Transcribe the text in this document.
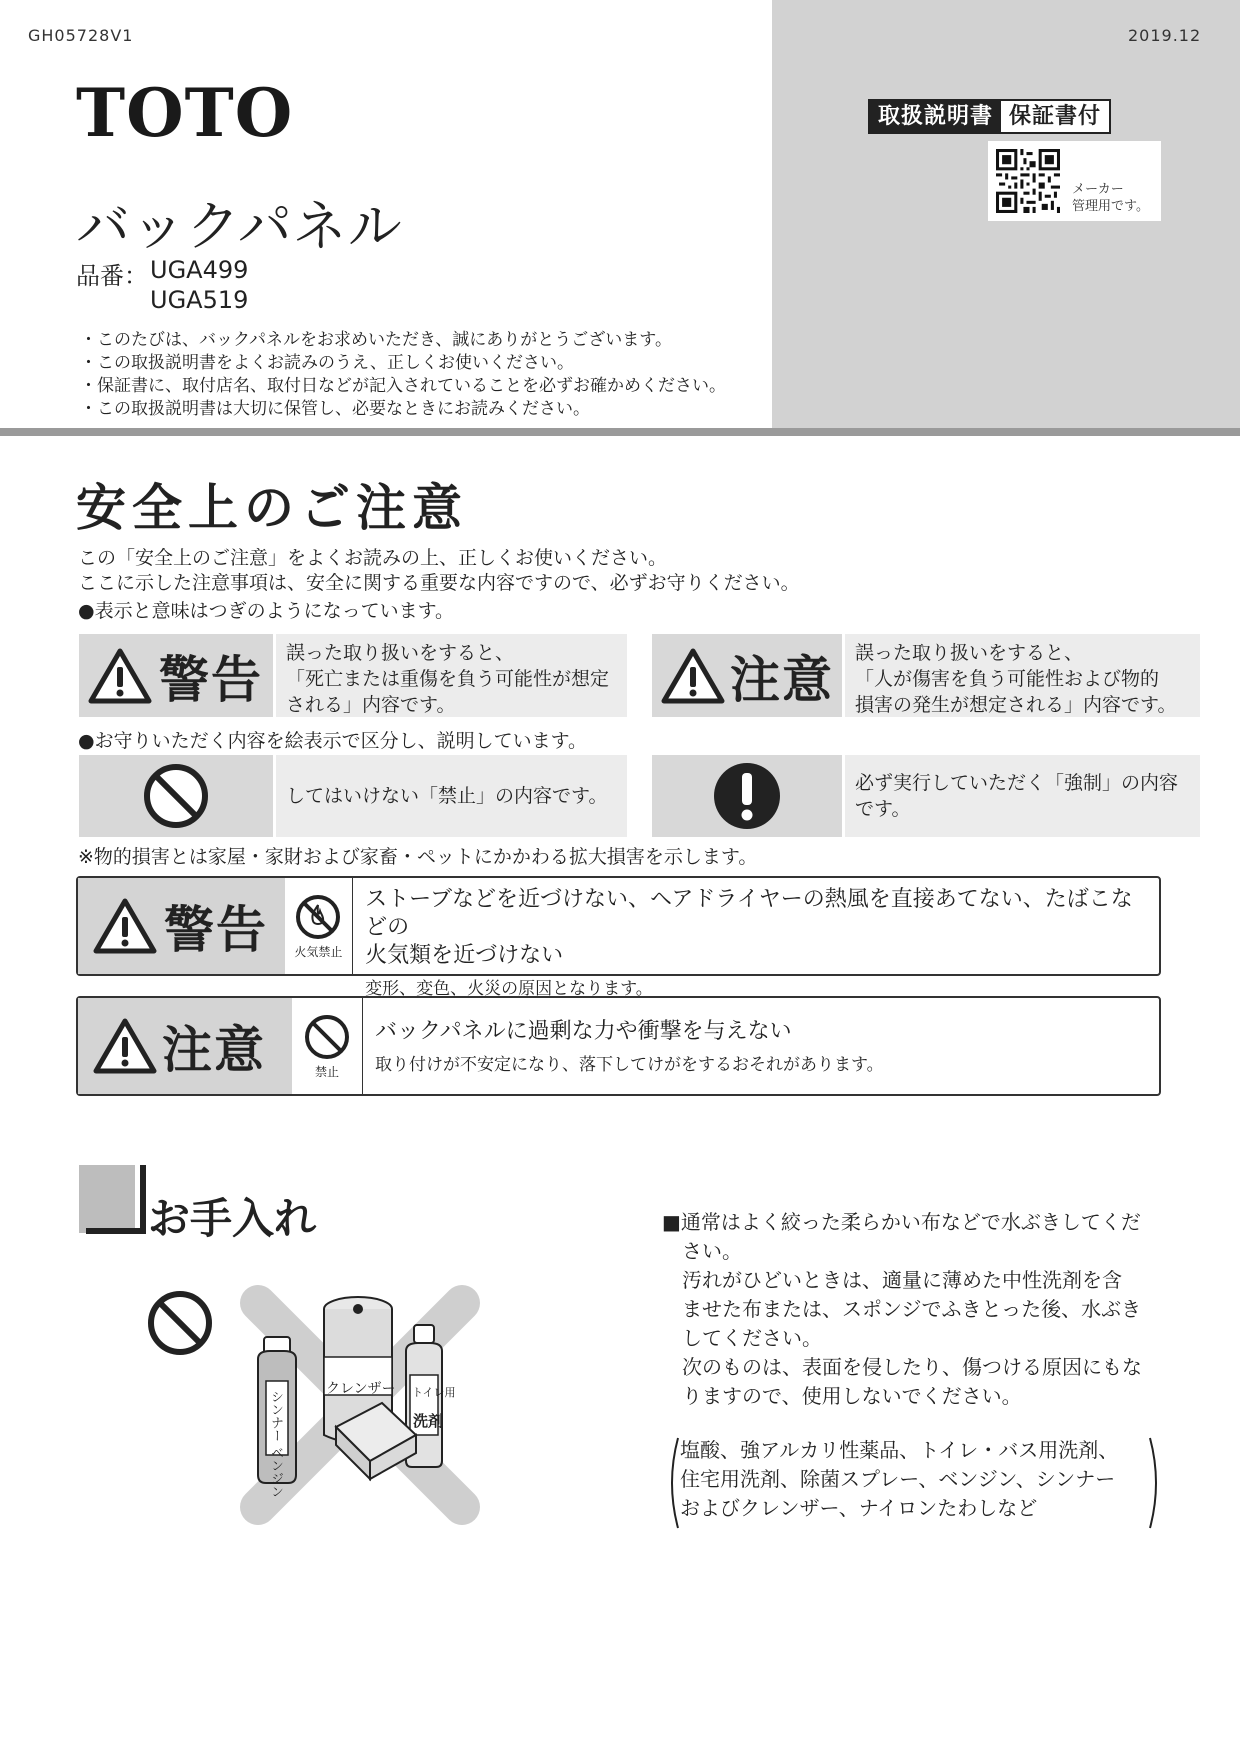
GH05728V1	2019.12
TOTO
バックパネル
品番： UGA499
UGA519
・このたびは、バックパネルをお求めいただき、誠にありがとうございます。
・この取扱説明書をよくお読みのうえ、正しくお使いください。
・保証書に、取付店名、取付日などが記入されていることを必ずお確かめください。
・この取扱説明書は大切に保管し、必要なときにお読みください。
取扱説明書 保証書付
メーカー
管理用です。
安全上のご注意
この「安全上のご注意」をよくお読みの上、正しくお使いください。
ここに示した注意事項は、安全に関する重要な内容ですので、必ずお守りください。
●表示と意味はつぎのようになっています。
警告 誤った取り扱いをすると、
「死亡または重傷を負う可能性が想定
される」内容です。	注意 誤った取り扱いをすると、
「人が傷害を負う可能性および物的
損害の発生が想定される」内容です。
●お守りいただく内容を絵表示で区分し、説明しています。
してはいけない「禁止」の内容です。
必ず実行していただく「強制」の内容です。
※物的損害とは家屋・家財および家畜・ペットにかかわる拡大損害を示します。
警告 火気禁止
ストーブなどを近づけない、ヘアドライヤーの熱風を直接あてない、たばこなどの
火気類を近づけない
変形、変色、火災の原因となります。
注意	禁止
バックパネルに過剰な力や衝撃を与えない
取り付けが不安定になり、落下してけがをするおそれがあります。
お手入れ
シンナー ベンジン
クレンザー トイレ用
洗剤
■通常はよく絞った柔らかい布などで水ぶきしてくだ
さい。
汚れがひどいときは、適量に薄めた中性洗剤を含
ませた布または、スポンジでふきとった後、水ぶき
してください。
次のものは、表面を侵したり、傷つける原因にもな
りますので、使用しないでください。
塩酸、強アルカリ性薬品、トイレ・バス用洗剤、
住宅用洗剤、除菌スプレー、ベンジン、シンナー
およびクレンザー、ナイロンたわしなど
